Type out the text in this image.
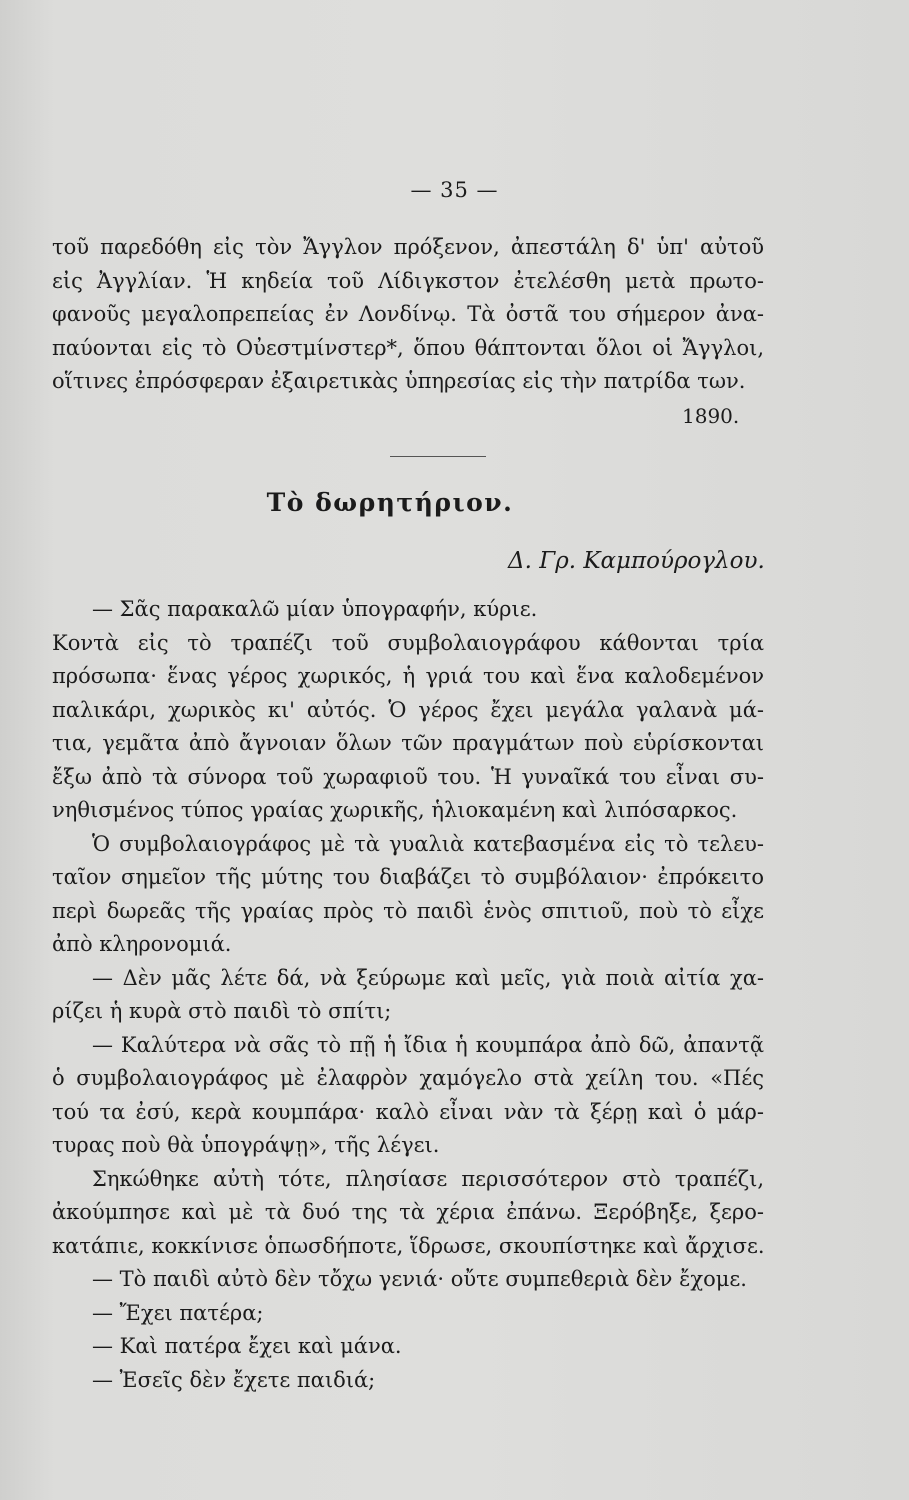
— 35 —
τοῦ παρεδόθη εἰς τὸν Ἄγγλον πρόξενον, ἀπεστάλη δ' ὑπ' αὐτοῦ
εἰς Ἀγγλίαν. Ἡ κηδεία τοῦ Λίδιγκστον ἐτελέσθη μετὰ πρωτο-
φανοῦς μεγαλοπρεπείας ἐν Λονδίνῳ. Τὰ ὀστᾶ του σήμερον ἀνα-
παύονται εἰς τὸ Οὐεστμίνστερ*, ὅπου θάπτονται ὅλοι οἱ Ἄγγλοι,
οἵτινες ἐπρόσφεραν ἐξαιρετικὰς ὑπηρεσίας εἰς τὴν πατρίδα των.
1890.
Τὸ δωρητήριον.
Δ. Γρ. Καμπούρογλου.
— Σᾶς παρακαλῶ μίαν ὑπογραφήν, κύριε.
Κοντὰ εἰς τὸ τραπέζι τοῦ συμβολαιογράφου κάθονται τρία
πρόσωπα· ἕνας γέρος χωρικός, ἡ γριά του καὶ ἕνα καλοδεμένον
παλικάρι, χωρικὸς κι' αὐτός. Ὁ γέρος ἔχει μεγάλα γαλανὰ μά-
τια, γεμᾶτα ἀπὸ ἄγνοιαν ὅλων τῶν πραγμάτων ποὺ εὑρίσκονται
ἔξω ἀπὸ τὰ σύνορα τοῦ χωραφιοῦ του. Ἡ γυναῖκά του εἶναι συ-
νηθισμένος τύπος γραίας χωρικῆς, ἡλιοκαμένη καὶ λιπόσαρκος.
Ὁ συμβολαιογράφος μὲ τὰ γυαλιὰ κατεβασμένα εἰς τὸ τελευ-
ταῖον σημεῖον τῆς μύτης του διαβάζει τὸ συμβόλαιον· ἐπρόκειτο
περὶ δωρεᾶς τῆς γραίας πρὸς τὸ παιδὶ ἑνὸς σπιτιοῦ, ποὺ τὸ εἶχε
ἀπὸ κληρονομιά.
— Δὲν μᾶς λέτε δά, νὰ ξεύρωμε καὶ μεῖς, γιὰ ποιὰ αἰτία χα-
ρίζει ἡ κυρὰ στὸ παιδὶ τὸ σπίτι;
— Καλύτερα νὰ σᾶς τὸ πῇ ἡ ἴδια ἡ κουμπάρα ἀπὸ δῶ, ἀπαντᾷ
ὁ συμβολαιογράφος μὲ ἐλαφρὸν χαμόγελο στὰ χείλη του. «Πές
τού τα ἐσύ, κερὰ κουμπάρα· καλὸ εἶναι νὰν τὰ ξέρῃ καὶ ὁ μάρ-
τυρας ποὺ θὰ ὑπογράψῃ», τῆς λέγει.
Σηκώθηκε αὐτὴ τότε, πλησίασε περισσότερον στὸ τραπέζι,
ἀκούμπησε καὶ μὲ τὰ δυό της τὰ χέρια ἐπάνω. Ξερόβηξε, ξερο-
κατάπιε, κοκκίνισε ὁπωσδήποτε, ἵδρωσε, σκουπίστηκε καὶ ἄρχισε.
— Τὸ παιδὶ αὐτὸ δὲν τὄχω γενιά· οὔτε συμπεθεριὰ δὲν ἔχομε.
— Ἔχει πατέρα;
— Καὶ πατέρα ἔχει καὶ μάνα.
— Ἐσεῖς δὲν ἔχετε παιδιά;
